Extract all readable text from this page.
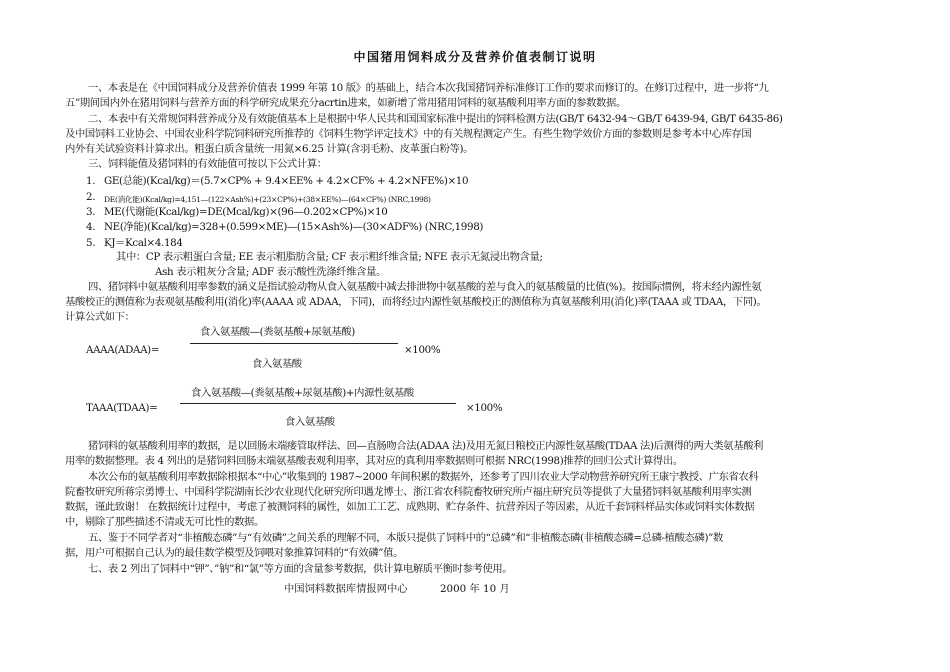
中国猪用饲料成分及营养价值表制订说明
一、本表是在《中国饲料成分及营养价值表 1999 年第 10 版》的基础上，结合本次我国猪饲养标准修订工作的要求而修订的。在修订过程中，进一步将“九
五”期间国内外在猪用饲料与营养方面的科学研究成果充分acrtin进来，如新增了常用猪用饲料的氨基酸利用率方面的参数数据。
二、本表中有关常规饲料营养成分及有效能值基本上是根据中华人民共和国国家标准中提出的饲料检测方法(GB/T 6432-94～GB/T 6439-94, GB/T 6435-86)
及中国饲料工业协会、中国农业科学院饲料研究所推荐的《饲料生物学评定技术》中的有关规程测定产生。有些生物学效价方面的参数则是参考本中心库存国
内外有关试验资料计算求出。粗蛋白质含量统一用氮×6.25 计算(含羽毛粉、皮革蛋白粉等)。
三、饲料能值及猪饲料的有效能值可按以下公式计算：
1. GE(总能)(Kcal/kg)＝(5.7×CP% + 9.4×EE% + 4.2×CF% + 4.2×NFE%)×10
2. DE(消化能)(Kcal/kg)=4,151—(122×Ash%)+(23×CP%)+(38×EE%)—(64×CF%) (NRC,1998)
3. ME(代谢能(Kcal/kg)=DE(Mcal/kg)×(96—0.202×CP%)×10
4. NE(净能)(Kcal/kg)=328+(0.599×ME)—(15×Ash%)—(30×ADF%) (NRC,1998)
5. KJ＝Kcal×4.184
其中：CP 表示粗蛋白含量; EE 表示粗脂肪含量; CF 表示粗纤维含量; NFE 表示无氮浸出物含量;
Ash 表示粗灰分含量; ADF 表示酸性洗涤纤维含量。
四、猪饲料中氨基酸利用率参数的涵义是指试验动物从食入氨基酸中减去排泄物中氨基酸的差与食入的氨基酸量的比值(%)。按国际惯例，将未经内源性氨
基酸校正的测值称为表观氨基酸利用(消化)率(AAAA 或 ADAA，下同)，而将经过内源性氨基酸校正的测值称为真氨基酸利用(消化)率(TAAA 或 TDAA，下同)。
计算公式如下：
食入氨基酸—(粪氨基酸+尿氨基酸)
AAAA(ADAA)=	×100%
食入氨基酸
食入氨基酸—(粪氨基酸+尿氨基酸)+内源性氨基酸
TAAA(TDAA)=	×100%
食入氨基酸
猪饲料的氨基酸利用率的数据，是以回肠末端瘘管取样法、回—直肠吻合法(ADAA 法)及用无氮日粮校正内源性氨基酸(TDAA 法)后测得的两大类氨基酸利
用率的数据整理。表 4 列出的是猪饲料回肠末端氨基酸表观利用率，其对应的真利用率数据则可根据 NRC(1998)推荐的回归公式计算得出。
本次公布的氨基酸利用率数据除根据本“中心”收集到的 1987~2000 年间积累的数据外，还参考了四川农业大学动物营养研究所王康宁教授、广东省农科
院畜牧研究所蒋宗勇博士、中国科学院湖南长沙农业现代化研究所印遇龙博士、浙江省农科院畜牧研究所卢福庄研究员等提供了大量猪饲料氨基酸利用率实测
数据，谨此致谢！ 在数据统计过程中，考虑了被测饲料的属性，如加工工艺、成熟期、贮存条件、抗营养因子等因素，从近千套饲料样品实体或饲料实体数据
中，剔除了那些描述不清或无可比性的数据。
五、鉴于不同学者对“非植酸态磷”与“有效磷”之间关系的理解不同，本版只提供了饲料中的“总磷”和“非植酸态磷(非植酸态磷=总磷-植酸态磷)”数
据，用户可根据自己认为的最佳数学模型及饲喂对象推算饲料的“有效磷”值。
七、表 2 列出了饲料中“钾”、”钠”和“氯”等方面的含量参考数据，供计算电解质平衡时参考使用。
中国饲料数据库情报网中心	2000 年 10 月
